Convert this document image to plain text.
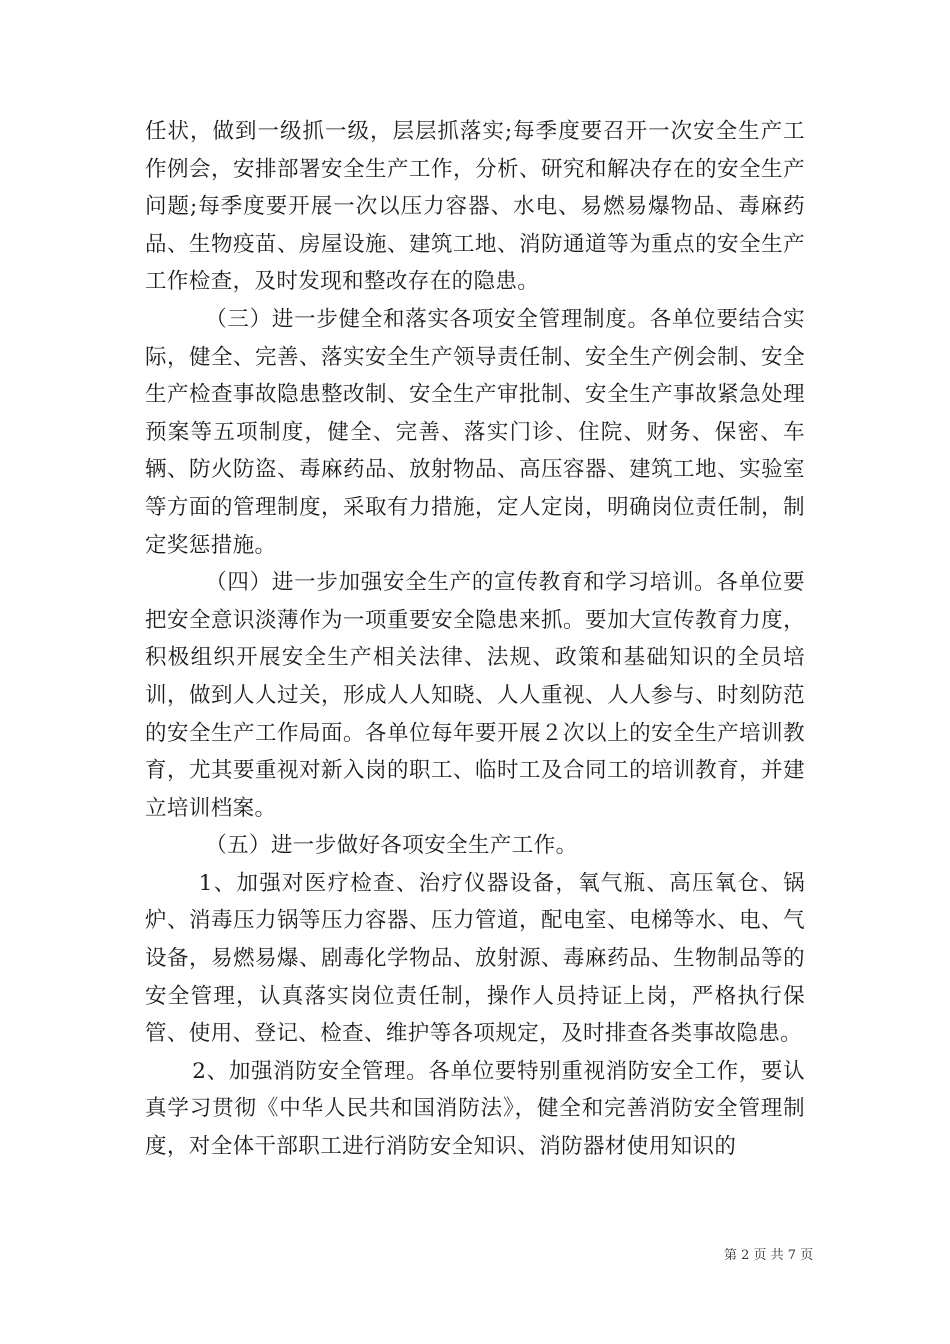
任状，做到一级抓一级，层层抓落实;每季度要召开一次安全生产工作例会，安排部署安全生产工作，分析、研究和解决存在的安全生产问题;每季度要开展一次以压力容器、水电、易燃易爆物品、毒麻药品、生物疫苗、房屋设施、建筑工地、消防通道等为重点的安全生产工作检查，及时发现和整改存在的隐患。

（三）进一步健全和落实各项安全管理制度。各单位要结合实际，健全、完善、落实安全生产领导责任制、安全生产例会制、安全生产检查事故隐患整改制、安全生产审批制、安全生产事故紧急处理预案等五项制度，健全、完善、落实门诊、住院、财务、保密、车辆、防火防盗、毒麻药品、放射物品、高压容器、建筑工地、实验室等方面的管理制度，采取有力措施，定人定岗，明确岗位责任制，制定奖惩措施。

（四）进一步加强安全生产的宣传教育和学习培训。各单位要把安全意识淡薄作为一项重要安全隐患来抓。要加大宣传教育力度，积极组织开展安全生产相关法律、法规、政策和基础知识的全员培训，做到人人过关，形成人人知晓、人人重视、人人参与、时刻防范的安全生产工作局面。各单位每年要开展２次以上的安全生产培训教育，尤其要重视对新入岗的职工、临时工及合同工的培训教育，并建立培训档案。

（五）进一步做好各项安全生产工作。

1、加强对医疗检查、治疗仪器设备，氧气瓶、高压氧仓、锅炉、消毒压力锅等压力容器、压力管道，配电室、电梯等水、电、气设备，易燃易爆、剧毒化学物品、放射源、毒麻药品、生物制品等的安全管理，认真落实岗位责任制，操作人员持证上岗，严格执行保管、使用、登记、检查、维护等各项规定，及时排查各类事故隐患。

2、加强消防安全管理。各单位要特别重视消防安全工作，要认真学习贯彻《中华人民共和国消防法》，健全和完善消防安全管理制度，对全体干部职工进行消防安全知识、消防器材使用知识的

第 2 页 共 7 页
